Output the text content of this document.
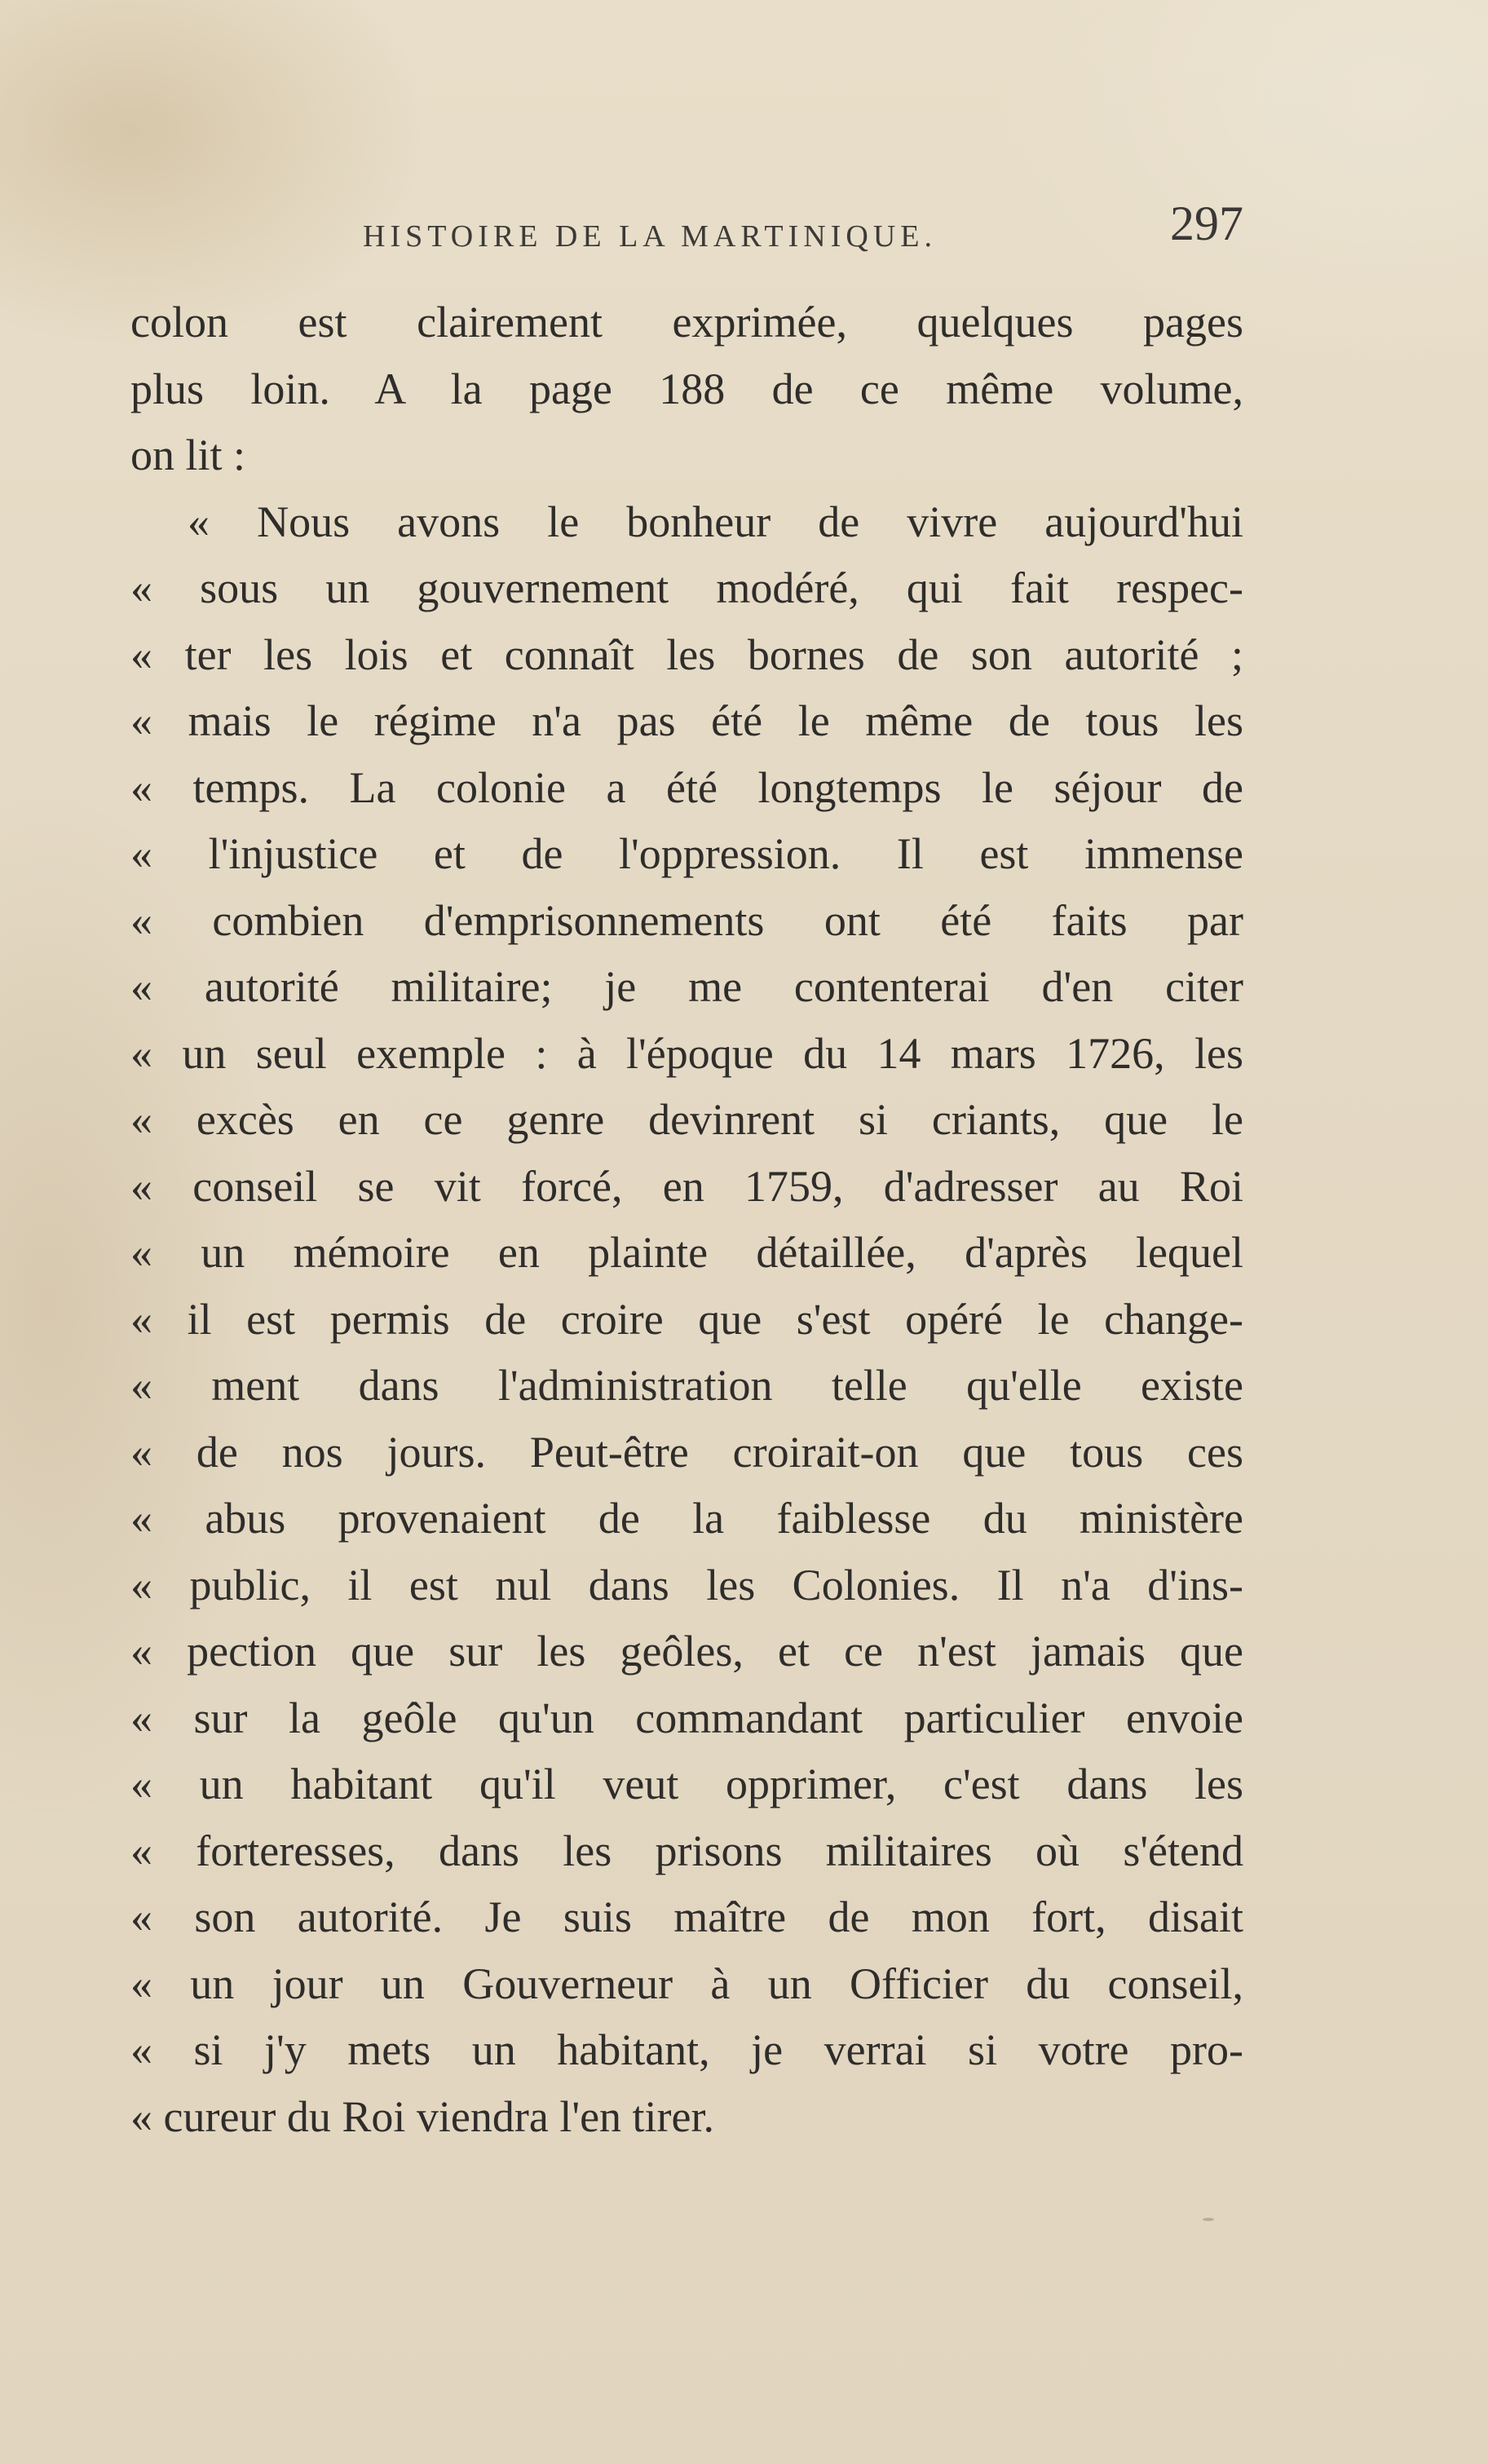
HISTOIRE DE LA MARTINIQUE.	297
colon est clairement exprimée, quelques pages
plus loin. A la page 188 de ce même volume,
on lit :
« Nous avons le bonheur de vivre aujourd'hui
« sous un gouvernement modéré, qui fait respec-
« ter les lois et connaît les bornes de son autorité ;
« mais le régime n'a pas été le même de tous les
« temps. La colonie a été longtemps le séjour de
« l'injustice et de l'oppression. Il est immense
« combien d'emprisonnements ont été faits par
« autorité militaire; je me contenterai d'en citer
« un seul exemple : à l'époque du 14 mars 1726, les
« excès en ce genre devinrent si criants, que le
« conseil se vit forcé, en 1759, d'adresser au Roi
« un mémoire en plainte détaillée, d'après lequel
« il est permis de croire que s'est opéré le change-
« ment dans l'administration telle qu'elle existe
« de nos jours. Peut-être croirait-on que tous ces
« abus provenaient de la faiblesse du ministère
« public, il est nul dans les Colonies. Il n'a d'ins-
« pection que sur les geôles, et ce n'est jamais que
« sur la geôle qu'un commandant particulier envoie
« un habitant qu'il veut opprimer, c'est dans les
« forteresses, dans les prisons militaires où s'étend
« son autorité. Je suis maître de mon fort, disait
« un jour un Gouverneur à un Officier du conseil,
« si j'y mets un habitant, je verrai si votre pro-
« cureur du Roi viendra l'en tirer.
